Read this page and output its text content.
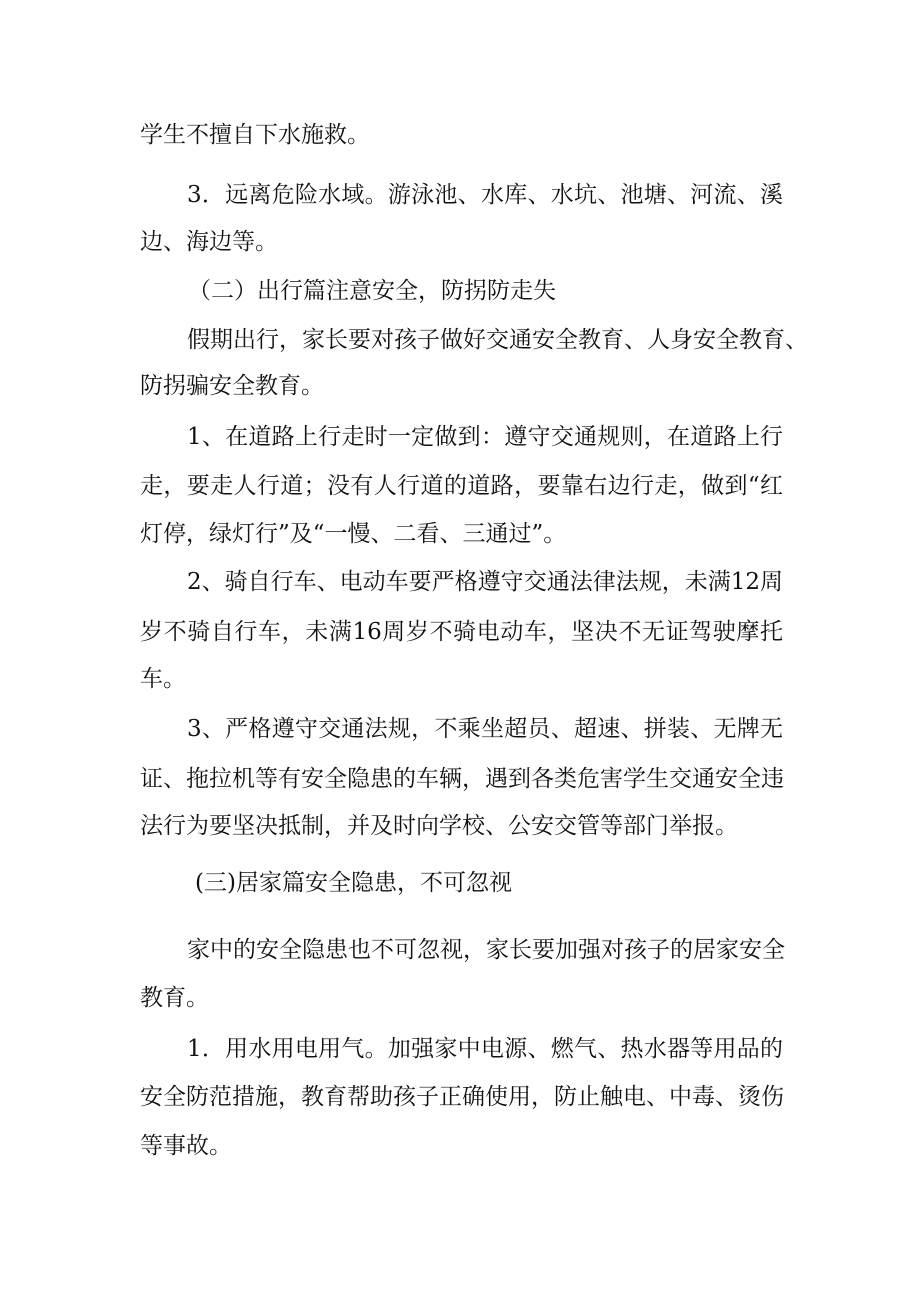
学生不擅自下水施救。
3．远离危险水域。游泳池、水库、水坑、池塘、河流、溪
边、海边等。
（二）出行篇注意安全，防拐防走失
假期出行，家长要对孩子做好交通安全教育、人身安全教育、
防拐骗安全教育。
1、在道路上行走时一定做到：遵守交通规则，在道路上行
走，要走人行道；没有人行道的道路，要靠右边行走，做到“红
灯停，绿灯行”及“一慢、二看、三通过”。
2、骑自行车、电动车要严格遵守交通法律法规，未满12周
岁不骑自行车，未满16周岁不骑电动车，坚决不无证驾驶摩托
车。
3、严格遵守交通法规，不乘坐超员、超速、拼装、无牌无
证、拖拉机等有安全隐患的车辆，遇到各类危害学生交通安全违
法行为要坚决抵制，并及时向学校、公安交管等部门举报。
(三)居家篇安全隐患，不可忽视
家中的安全隐患也不可忽视，家长要加强对孩子的居家安全
教育。
1．用水用电用气。加强家中电源、燃气、热水器等用品的
安全防范措施，教育帮助孩子正确使用，防止触电、中毒、烫伤
等事故。
